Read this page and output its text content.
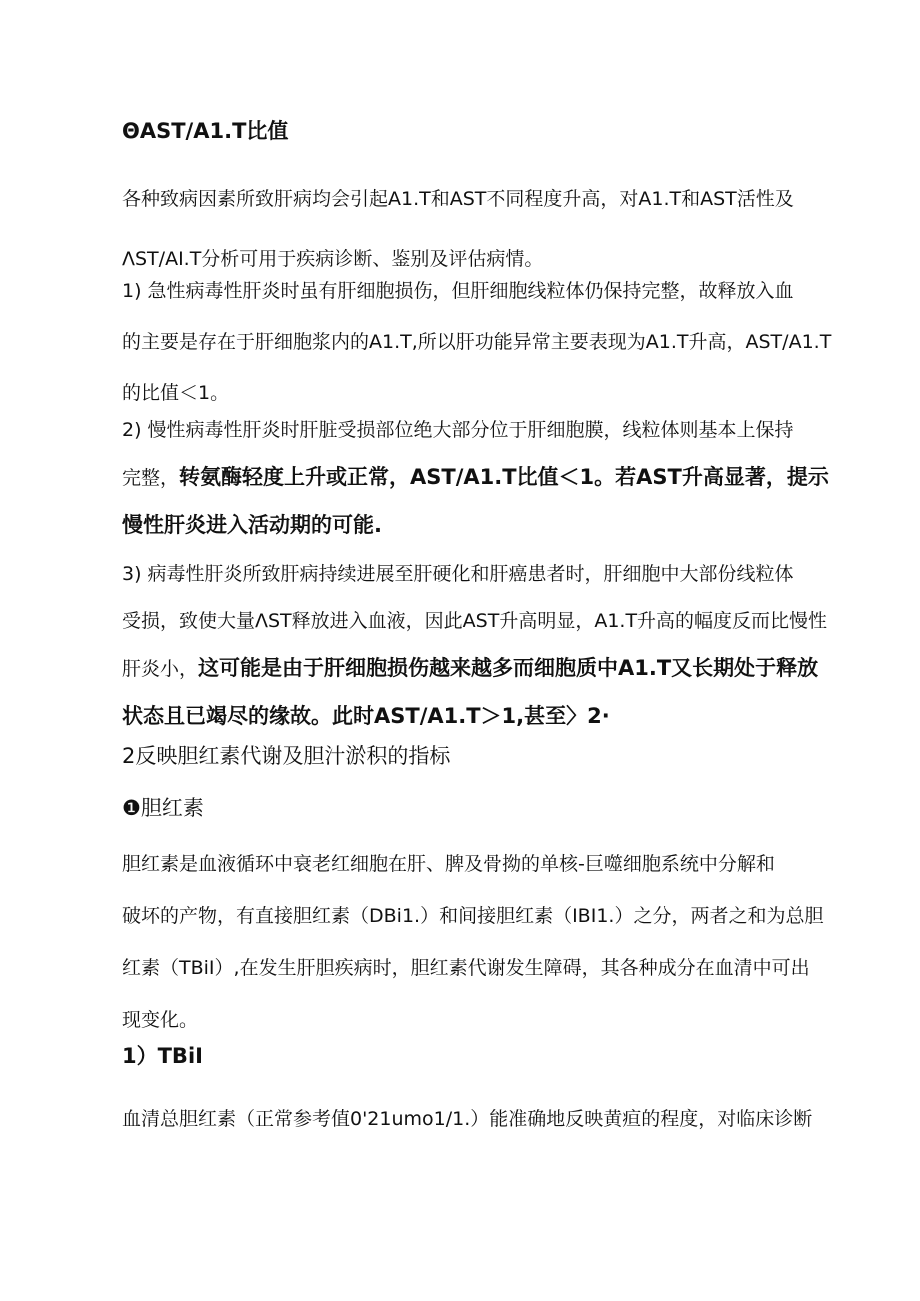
ΘAST/A1.T比值

各种致病因素所致肝病均会引起A1.T和AST不同程度升高，对A1.T和AST活性及
ΛST/AI.T分析可用于疾病诊断、鉴别及评估病情。

1) 急性病毒性肝炎时虽有肝细胞损伤，但肝细胞线粒体仍保持完整，故释放入血
的主要是存在于肝细胞浆内的A1.T,所以肝功能异常主要表现为A1.T升高，AST/A1.T
的比值＜1。

2) 慢性病毒性肝炎时肝脏受损部位绝大部分位于肝细胞膜，线粒体则基本上保持
完整，转氨酶轻度上升或正常，AST/A1.T比值＜1。若AST升高显著，提示
慢性肝炎进入活动期的可能.

3) 病毒性肝炎所致肝病持续进展至肝硬化和肝癌患者时，肝细胞中大部份线粒体
受损，致使大量ΛST释放进入血液，因此AST升高明显，A1.T升高的幅度反而比慢性
肝炎小，这可能是由于肝细胞损伤越来越多而细胞质中A1.T又长期处于释放
状态且已竭尽的缘故。此时AST/A1.T＞1,甚至〉2·

2反映胆红素代谢及胆汁淤积的指标
❶胆红素

胆红素是血液循环中衰老红细胞在肝、脾及骨拗的单核-巨噬细胞系统中分解和
破坏的产物，有直接胆红素（DBi1.）和间接胆红素（IBI1.）之分，两者之和为总胆
红素（TBiI）,在发生肝胆疾病时，胆红素代谢发生障碍，其各种成分在血清中可出
现变化。

1）TBiI

血清总胆红素（正常参考值0'21umo1/1.）能准确地反映黄疸的程度，对临床诊断
